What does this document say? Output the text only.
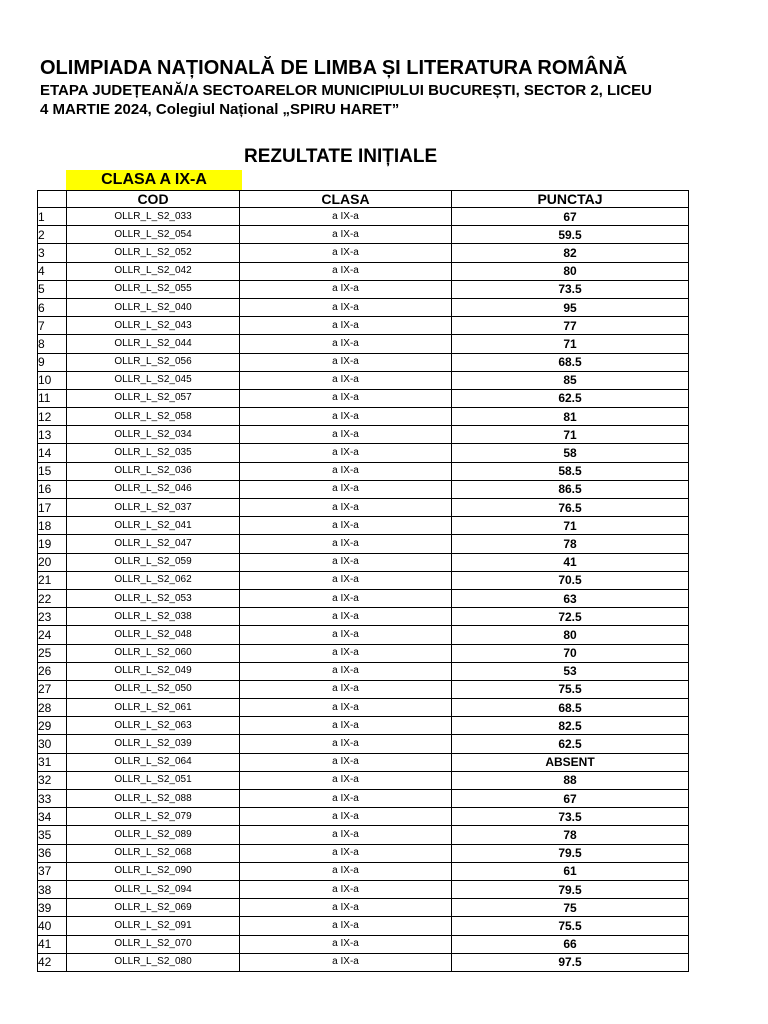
OLIMPIADA NAȚIONALĂ DE LIMBA ȘI LITERATURA ROMÂNĂ
ETAPA JUDEȚEANĂ/A SECTOARELOR MUNICIPIULUI BUCUREȘTI, SECTOR 2, LICEU
4 MARTIE 2024, Colegiul Național „SPIRU HARET”
REZULTATE INIȚIALE
CLASA A IX-A
	COD	CLASA	PUNCTAJ
1	OLLR_L_S2_033	a IX-a	67
2	OLLR_L_S2_054	a IX-a	59.5
3	OLLR_L_S2_052	a IX-a	82
4	OLLR_L_S2_042	a IX-a	80
5	OLLR_L_S2_055	a IX-a	73.5
6	OLLR_L_S2_040	a IX-a	95
7	OLLR_L_S2_043	a IX-a	77
8	OLLR_L_S2_044	a IX-a	71
9	OLLR_L_S2_056	a IX-a	68.5
10	OLLR_L_S2_045	a IX-a	85
11	OLLR_L_S2_057	a IX-a	62.5
12	OLLR_L_S2_058	a IX-a	81
13	OLLR_L_S2_034	a IX-a	71
14	OLLR_L_S2_035	a IX-a	58
15	OLLR_L_S2_036	a IX-a	58.5
16	OLLR_L_S2_046	a IX-a	86.5
17	OLLR_L_S2_037	a IX-a	76.5
18	OLLR_L_S2_041	a IX-a	71
19	OLLR_L_S2_047	a IX-a	78
20	OLLR_L_S2_059	a IX-a	41
21	OLLR_L_S2_062	a IX-a	70.5
22	OLLR_L_S2_053	a IX-a	63
23	OLLR_L_S2_038	a IX-a	72.5
24	OLLR_L_S2_048	a IX-a	80
25	OLLR_L_S2_060	a IX-a	70
26	OLLR_L_S2_049	a IX-a	53
27	OLLR_L_S2_050	a IX-a	75.5
28	OLLR_L_S2_061	a IX-a	68.5
29	OLLR_L_S2_063	a IX-a	82.5
30	OLLR_L_S2_039	a IX-a	62.5
31	OLLR_L_S2_064	a IX-a	ABSENT
32	OLLR_L_S2_051	a IX-a	88
33	OLLR_L_S2_088	a IX-a	67
34	OLLR_L_S2_079	a IX-a	73.5
35	OLLR_L_S2_089	a IX-a	78
36	OLLR_L_S2_068	a IX-a	79.5
37	OLLR_L_S2_090	a IX-a	61
38	OLLR_L_S2_094	a IX-a	79.5
39	OLLR_L_S2_069	a IX-a	75
40	OLLR_L_S2_091	a IX-a	75.5
41	OLLR_L_S2_070	a IX-a	66
42	OLLR_L_S2_080	a IX-a	97.5
